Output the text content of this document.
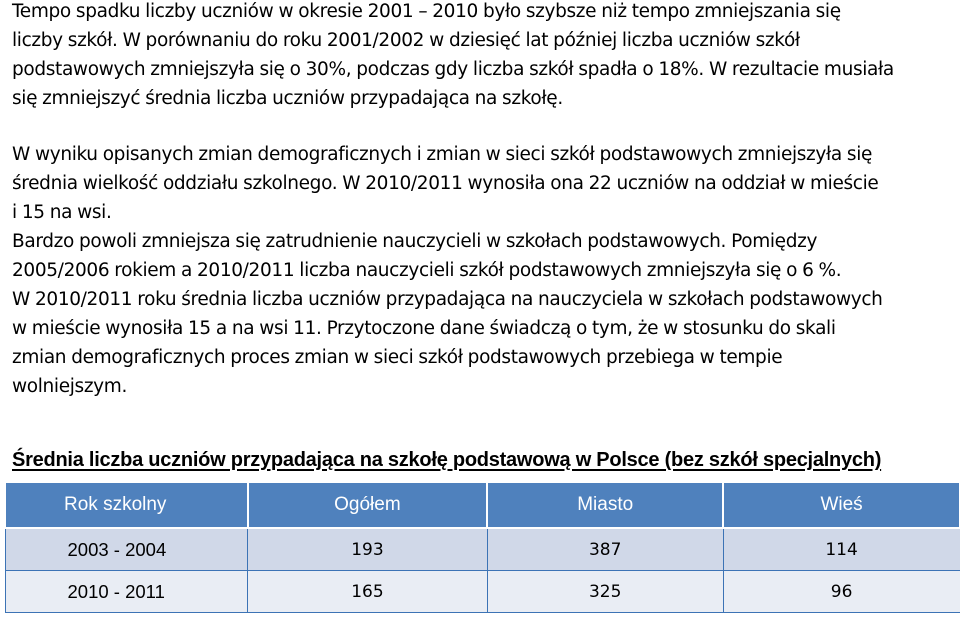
Tempo spadku liczby uczniów w okresie 2001 – 2010 było szybsze niż tempo zmniejszania się
liczby szkół. W porównaniu do roku 2001/2002 w dziesięć lat później liczba uczniów szkół
podstawowych zmniejszyła się o 30%, podczas gdy liczba szkół spadła o 18%. W rezultacie musiała
się zmniejszyć średnia liczba uczniów przypadająca na szkołę.
W wyniku opisanych zmian demograficznych i zmian w sieci szkół podstawowych zmniejszyła się
średnia wielkość oddziału szkolnego. W 2010/2011 wynosiła ona 22 uczniów na oddział w mieście
i 15 na wsi.
Bardzo powoli zmniejsza się zatrudnienie nauczycieli w szkołach podstawowych. Pomiędzy
2005/2006 rokiem a 2010/2011 liczba nauczycieli szkół podstawowych zmniejszyła się o 6 %.
W 2010/2011 roku średnia liczba uczniów przypadająca na nauczyciela w szkołach podstawowych
w mieście wynosiła 15 a na wsi 11. Przytoczone dane świadczą o tym, że w stosunku do skali
zmian demograficznych proces zmian w sieci szkół podstawowych przebiega w tempie
wolniejszym.
Średnia liczba uczniów przypadająca na szkołę podstawową w Polsce (bez szkół specjalnych)
Rok szkolny	Ogółem	Miasto	Wieś
2003 - 2004	193	387	114
2010 - 2011	165	325	96
